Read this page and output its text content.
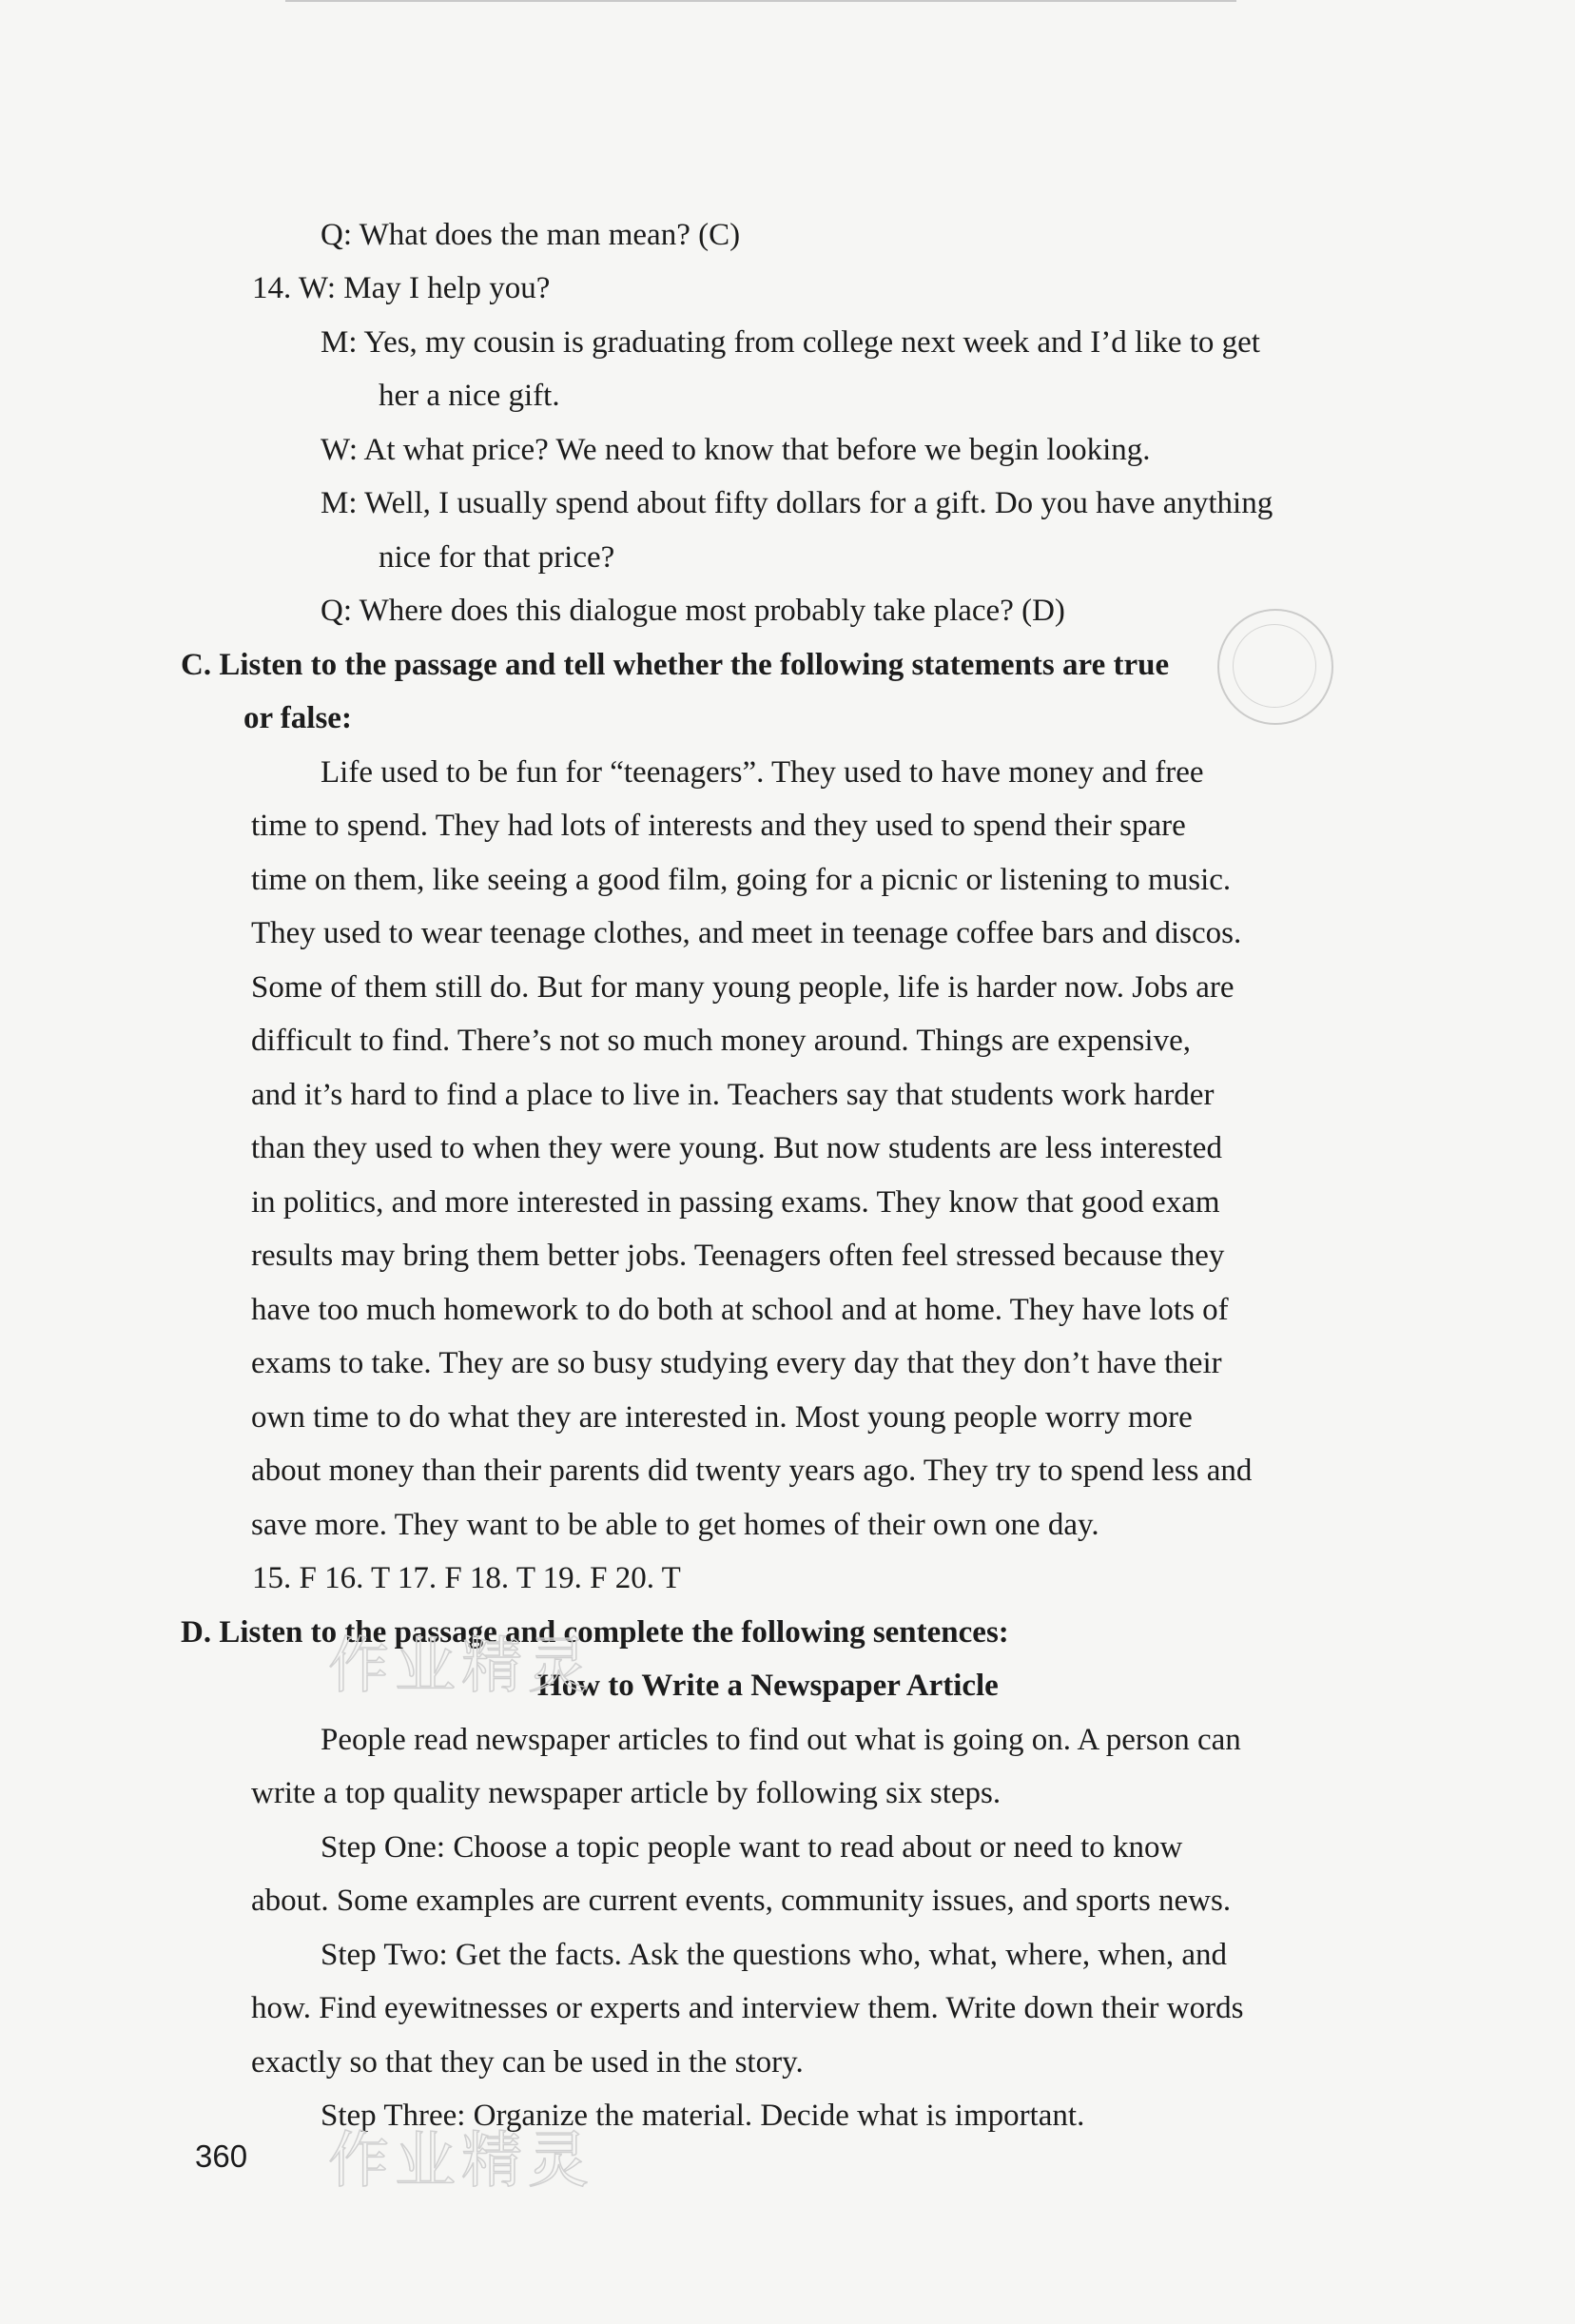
Q: What does the man mean? (C)
14. W: May I help you?
M: Yes, my cousin is graduating from college next week and I’d like to get
her a nice gift.
W: At what price? We need to know that before we begin looking.
M: Well, I usually spend about fifty dollars for a gift. Do you have anything
nice for that price?
Q: Where does this dialogue most probably take place? (D)
C. Listen to the passage and tell whether the following statements are true
or false:
Life used to be fun for “teenagers”. They used to have money and free
time to spend. They had lots of interests and they used to spend their spare
time on them, like seeing a good film, going for a picnic or listening to music.
They used to wear teenage clothes, and meet in teenage coffee bars and discos.
Some of them still do. But for many young people, life is harder now. Jobs are
difficult to find. There’s not so much money around. Things are expensive,
and it’s hard to find a place to live in. Teachers say that students work harder
than they used to when they were young. But now students are less interested
in politics, and more interested in passing exams. They know that good exam
results may bring them better jobs. Teenagers often feel stressed because they
have too much homework to do both at school and at home. They have lots of
exams to take. They are so busy studying every day that they don’t have their
own time to do what they are interested in. Most young people worry more
about money than their parents did twenty years ago. They try to spend less and
save more. They want to be able to get homes of their own one day.
15. F 16. T 17. F 18. T 19. F 20. T
D. Listen to the passage and complete the following sentences:
How to Write a Newspaper Article
People read newspaper articles to find out what is going on. A person can
write a top quality newspaper article by following six steps.
Step One: Choose a topic people want to read about or need to know
about. Some examples are current events, community issues, and sports news.
Step Two: Get the facts. Ask the questions who, what, where, when, and
how. Find eyewitnesses or experts and interview them. Write down their words
exactly so that they can be used in the story.
Step Three: Organize the material. Decide what is important.
360
作业精灵
作业精灵
